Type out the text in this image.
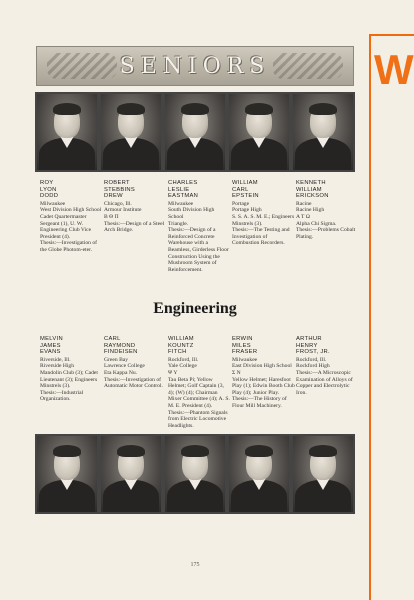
W
SENIORS
ROY
LYON
DODD

Milwaukee

West Division High School

Cadet Quartermaster Sergeant (1), U. W. Engineering Club Vice President (4).

Thesis:—Investigation of the Globe Photom-eter.

ROBERT
STEBBINS
DREW

Chicago, Ill.

Armour Institute

Β Θ Π

Thesis:—Design of a Steel Arch Bridge.

CHARLES
LESLIE
EASTMAN

Milwaukee

South Division High School

Triangle.

Thesis:—Design of a Reinforced Concrete Warehouse with a Beamless, Girderless Floor Construction Using the Mushroom System of Reinforcement.

WILLIAM
CARL
EPSTEIN

Portage

Portage High

S. S. A. S. M. E.; Engineers Minstrels (3).

Thesis:—The Testing and Investigation of Combustion Recorders.

KENNETH
WILLIAM
ERICKSON

Racine

Racine High

Α Τ Ω

Alpha Chi Sigma.

Thesis:—Problems Cobalt Plating.

Engineering
MELVIN
JAMES
EVANS

Riverside, Ill.

Riverside High

Mandolin Club (3); Cadet Lieutenant (3); Engineers Minstrels (3).

Thesis:—Industrial Organization.

CARL
RAYMOND
FINDEISEN

Green Bay

Lawrence College

Eta Kappa Nu.

Thesis:—Investigation of Automatic Motor Control.

WILLIAM
KOUNTZ
FITCH

Rockford, Ill.

Yale College

Ψ Υ

Tau Beta Pi; Yellow Helmet; Golf Captain (3, 4); (W) (4); Chairman Mixer Committee (4); A. S. M. E. President (4).

Thesis:—Phantom Signals from Electric Locomotive Headlights.

ERWIN
MILES
FRASER

Milwaukee

East Division High School

Σ Ν

Yellow Helmet; Haresfoot Play (1); Edwin Booth Club Play (4); Junior Play.

Thesis:—The History of Flour Mill Machinery.

ARTHUR
HENRY
FROST, JR.

Rockford, Ill.

Rockford High

Thesis:—A Microscopic Examination of Alloys of Copper and Electrolytic Iron.

175
